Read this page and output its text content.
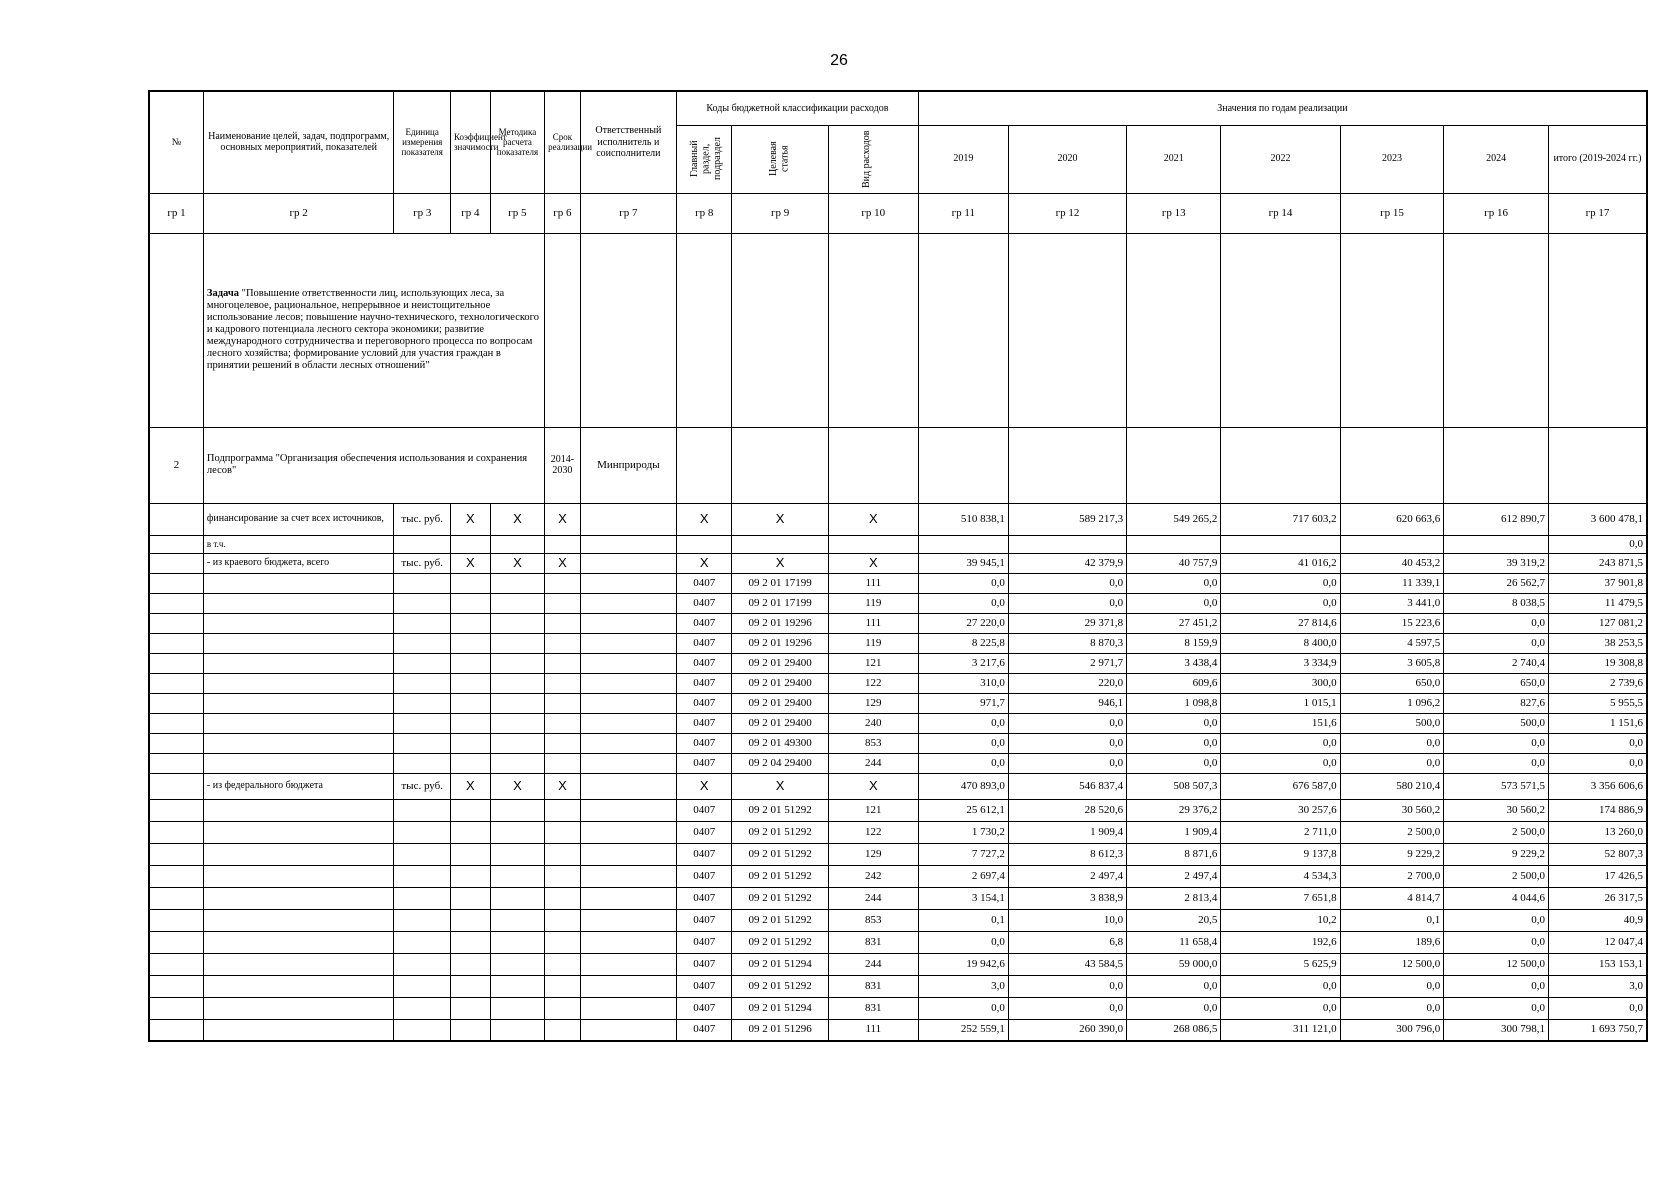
26
№	Наименование целей, задач, подпрограмм, основных мероприятий, показателей	Единица измерения показателя	Коэффициент значимости	Методика расчета показателя	Срок реализации	Ответственный исполнитель и соисполнители	Коды бюджетной классификации расходов			Значения по годам реализации						

							Главный раздел, подраздел	Целевая статья	Вид расходов	2019	2020	2021	2022	2023	2024	итого (2019-2024 гг.)
гр 1	гр 2	гр 3	гр 4	гр 5	гр 6	гр 7	гр 8	гр 9	гр 10	гр 11	гр 12	гр 13	гр 14	гр 15	гр 16	гр 17
	Задача "Повышение ответственности лиц, использующих леса, за многоцелевое, рациональное, непрерывное и неистощительное использование лесов; повышение научно-технического, технологического и кадрового потенциала лесного сектора экономики; развитие международного сотрудничества и переговорного процесса по вопросам лесного хозяйства; формирование условий для участия граждан в принятии решений в области лесных отношений"															
2	Подпрограмма "Организация обеспечения использования и сохранения лесов"				2014-2030	Минприроды										
	финансирование за счет всех источников,	тыс. руб.	Х	Х	Х		Х	Х	Х	510 838,1	589 217,3	549 265,2	717 603,2	620 663,6	612 890,7	3 600 478,1
	в т.ч.															0,0
	- из краевого бюджета, всего	тыс. руб.	Х	Х	Х		Х	Х	Х	39 945,1	42 379,9	40 757,9	41 016,2	40 453,2	39 319,2	243 871,5
							0407	09 2 01 17199	111	0,0	0,0	0,0	0,0	11 339,1	26 562,7	37 901,8
							0407	09 2 01 17199	119	0,0	0,0	0,0	0,0	3 441,0	8 038,5	11 479,5
							0407	09 2 01 19296	111	27 220,0	29 371,8	27 451,2	27 814,6	15 223,6	0,0	127 081,2
							0407	09 2 01 19296	119	8 225,8	8 870,3	8 159,9	8 400,0	4 597,5	0,0	38 253,5
							0407	09 2 01 29400	121	3 217,6	2 971,7	3 438,4	3 334,9	3 605,8	2 740,4	19 308,8
							0407	09 2 01 29400	122	310,0	220,0	609,6	300,0	650,0	650,0	2 739,6
							0407	09 2 01 29400	129	971,7	946,1	1 098,8	1 015,1	1 096,2	827,6	5 955,5
							0407	09 2 01 29400	240	0,0	0,0	0,0	151,6	500,0	500,0	1 151,6
							0407	09 2 01 49300	853	0,0	0,0	0,0	0,0	0,0	0,0	0,0
							0407	09 2 04 29400	244	0,0	0,0	0,0	0,0	0,0	0,0	0,0
	- из федерального бюджета	тыс. руб.	Х	Х	Х		Х	Х	Х	470 893,0	546 837,4	508 507,3	676 587,0	580 210,4	573 571,5	3 356 606,6
							0407	09 2 01 51292	121	25 612,1	28 520,6	29 376,2	30 257,6	30 560,2	30 560,2	174 886,9
							0407	09 2 01 51292	122	1 730,2	1 909,4	1 909,4	2 711,0	2 500,0	2 500,0	13 260,0
							0407	09 2 01 51292	129	7 727,2	8 612,3	8 871,6	9 137,8	9 229,2	9 229,2	52 807,3
							0407	09 2 01 51292	242	2 697,4	2 497,4	2 497,4	4 534,3	2 700,0	2 500,0	17 426,5
							0407	09 2 01 51292	244	3 154,1	3 838,9	2 813,4	7 651,8	4 814,7	4 044,6	26 317,5
							0407	09 2 01 51292	853	0,1	10,0	20,5	10,2	0,1	0,0	40,9
							0407	09 2 01 51292	831	0,0	6,8	11 658,4	192,6	189,6	0,0	12 047,4
							0407	09 2 01 51294	244	19 942,6	43 584,5	59 000,0	5 625,9	12 500,0	12 500,0	153 153,1
							0407	09 2 01 51292	831	3,0	0,0	0,0	0,0	0,0	0,0	3,0
							0407	09 2 01 51294	831	0,0	0,0	0,0	0,0	0,0	0,0	0,0
							0407	09 2 01 51296	111	252 559,1	260 390,0	268 086,5	311 121,0	300 796,0	300 798,1	1 693 750,7
